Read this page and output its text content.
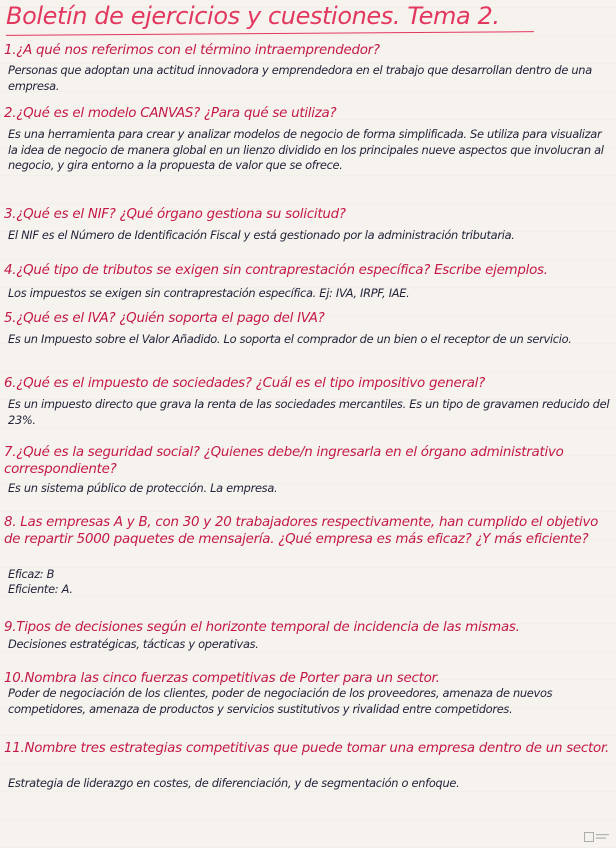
Boletín de ejercicios y cuestiones. Tema 2.
1.¿A qué nos referimos con el término intraemprendedor?
Personas que adoptan una actitud innovadora y emprendedora en el trabajo que desarrollan dentro de una empresa.
2.¿Qué es el modelo CANVAS? ¿Para qué se utiliza?
Es una herramienta para crear y analizar modelos de negocio de forma simplificada. Se utiliza para visualizar la idea de negocio de manera global en un lienzo dividido en los principales nueve aspectos que involucran al negocio, y gira entorno a la propuesta de valor que se ofrece.
3.¿Qué es el NIF? ¿Qué órgano gestiona su solicitud?
El NIF es el Número de Identificación Fiscal y está gestionado por la administración tributaria.
4.¿Qué tipo de tributos se exigen sin contraprestación específica? Escribe ejemplos.
Los impuestos se exigen sin contraprestación específica. Ej: IVA, IRPF, IAE.
5.¿Qué es el IVA? ¿Quién soporta el pago del IVA?
Es un Impuesto sobre el Valor Añadido. Lo soporta el comprador de un bien o el receptor de un servicio.
6.¿Qué es el impuesto de sociedades? ¿Cuál es el tipo impositivo general?
Es un impuesto directo que grava la renta de las sociedades mercantiles. Es un tipo de gravamen reducido del 23%.
7.¿Qué es la seguridad social? ¿Quienes debe/n ingresarla en el órgano administrativo correspondiente?
Es un sistema público de protección. La empresa.
8. Las empresas A y B, con 30 y 20 trabajadores respectivamente, han cumplido el objetivo de repartir 5000 paquetes de mensajería. ¿Qué empresa es más eficaz? ¿Y más eficiente?
Eficaz: B
Eficiente: A.
9.Tipos de decisiones según el horizonte temporal de incidencia de las mismas.
Decisiones estratégicas, tácticas y operativas.
10.Nombra las cinco fuerzas competitivas de Porter para un sector.
Poder de negociación de los clientes, poder de negociación de los proveedores, amenaza de nuevos competidores, amenaza de productos y servicios sustitutivos y rivalidad entre competidores.
11.Nombre tres estrategias competitivas que puede tomar una empresa dentro de un sector.
Estrategia de liderazgo en costes, de diferenciación, y de segmentación o enfoque.
